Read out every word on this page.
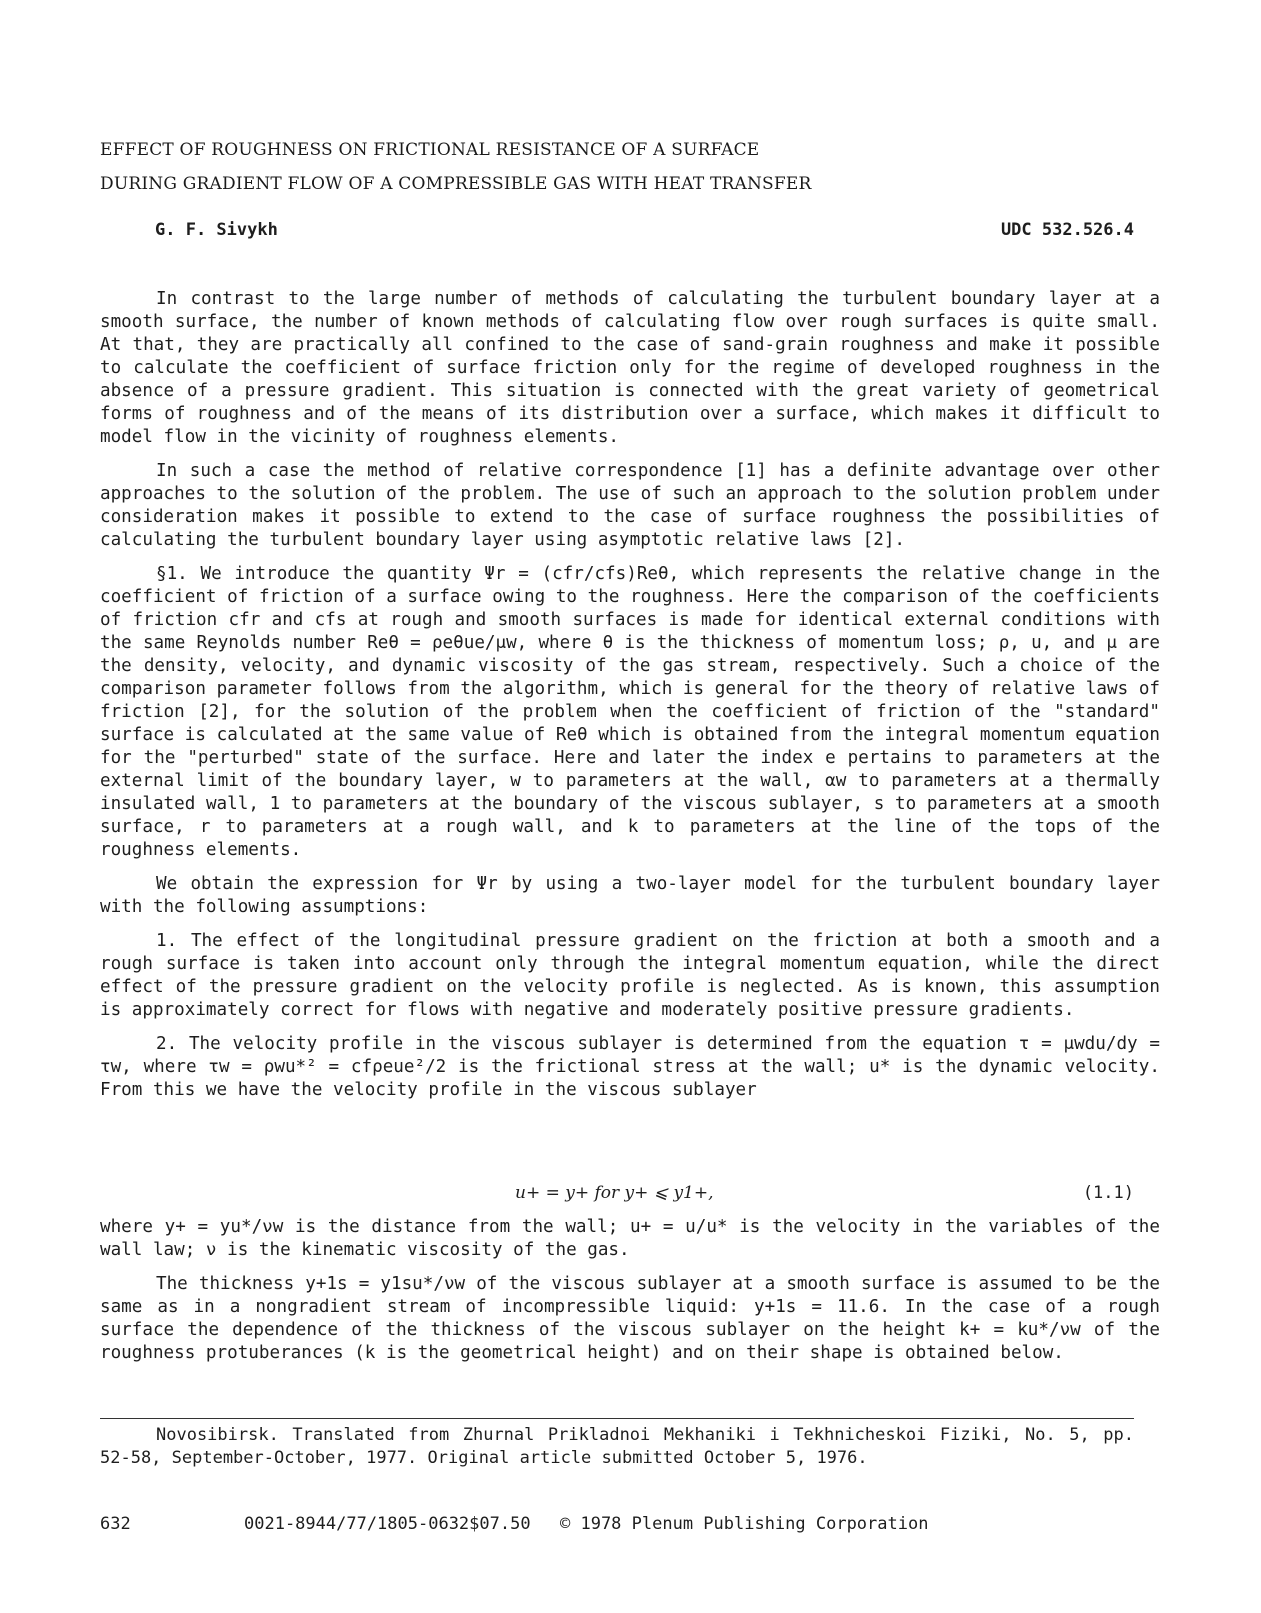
EFFECT OF ROUGHNESS ON FRICTIONAL RESISTANCE OF A SURFACE
DURING GRADIENT FLOW OF A COMPRESSIBLE GAS WITH HEAT TRANSFER
G. F. Sivykh	UDC 532.526.4

In contrast to the large number of methods of calculating the turbulent boundary layer at a smooth surface, the number of known methods of calculating flow over rough surfaces is quite small. At that, they are practically all confined to the case of sand-grain roughness and make it possible to calculate the coefficient of surface friction only for the regime of developed roughness in the absence of a pressure gradient. This situation is connected with the great variety of geometrical forms of roughness and of the means of its distribution over a surface, which makes it difficult to model flow in the vicinity of roughness elements.

In such a case the method of relative correspondence [1] has a definite advantage over other approaches to the solution of the problem. The use of such an approach to the solution problem under consideration makes it possible to extend to the case of surface roughness the possibilities of calculating the turbulent boundary layer using asymptotic relative laws [2].

§1. We introduce the quantity Ψr = (cfr/cfs)Reθ, which represents the relative change in the coefficient of friction of a surface owing to the roughness. Here the comparison of the coefficients of friction cfr and cfs at rough and smooth surfaces is made for identical external conditions with the same Reynolds number Reθ = ρeθue/μw, where θ is the thickness of momentum loss; ρ, u, and μ are the density, velocity, and dynamic viscosity of the gas stream, respectively. Such a choice of the comparison parameter follows from the algorithm, which is general for the theory of relative laws of friction [2], for the solution of the problem when the coefficient of friction of the "standard" surface is calculated at the same value of Reθ which is obtained from the integral momentum equation for the "perturbed" state of the surface. Here and later the index e pertains to parameters at the external limit of the boundary layer, w to parameters at the wall, αw to parameters at a thermally insulated wall, 1 to parameters at the boundary of the viscous sublayer, s to parameters at a smooth surface, r to parameters at a rough wall, and k to parameters at the line of the tops of the roughness elements.

We obtain the expression for Ψr by using a two-layer model for the turbulent boundary layer with the following assumptions:

1. The effect of the longitudinal pressure gradient on the friction at both a smooth and a rough surface is taken into account only through the integral momentum equation, while the direct effect of the pressure gradient on the velocity profile is neglected. As is known, this assumption is approximately correct for flows with negative and moderately positive pressure gradients.

2. The velocity profile in the viscous sublayer is determined from the equation τ = μwdu/dy = τw, where τw = ρwu*² = cfρeue²/2 is the frictional stress at the wall; u* is the dynamic velocity. From this we have the velocity profile in the viscous sublayer

u+ = y+ for y+ ⩽ y1+,	(1.1)

where y+ = yu*/νw is the distance from the wall; u+ = u/u* is the velocity in the variables of the wall law; ν is the kinematic viscosity of the gas.

The thickness y+1s = y1su*/νw of the viscous sublayer at a smooth surface is assumed to be the same as in a nongradient stream of incompressible liquid: y+1s = 11.6. In the case of a rough surface the dependence of the thickness of the viscous sublayer on the height k+ = ku*/νw of the roughness protuberances (k is the geometrical height) and on their shape is obtained below.

Novosibirsk. Translated from Zhurnal Prikladnoi Mekhaniki i Tekhnicheskoi Fiziki, No. 5, pp. 52-58, September-October, 1977. Original article submitted October 5, 1976.

632	0021-8944/77/1805-0632$07.50 © 1978 Plenum Publishing Corporation
